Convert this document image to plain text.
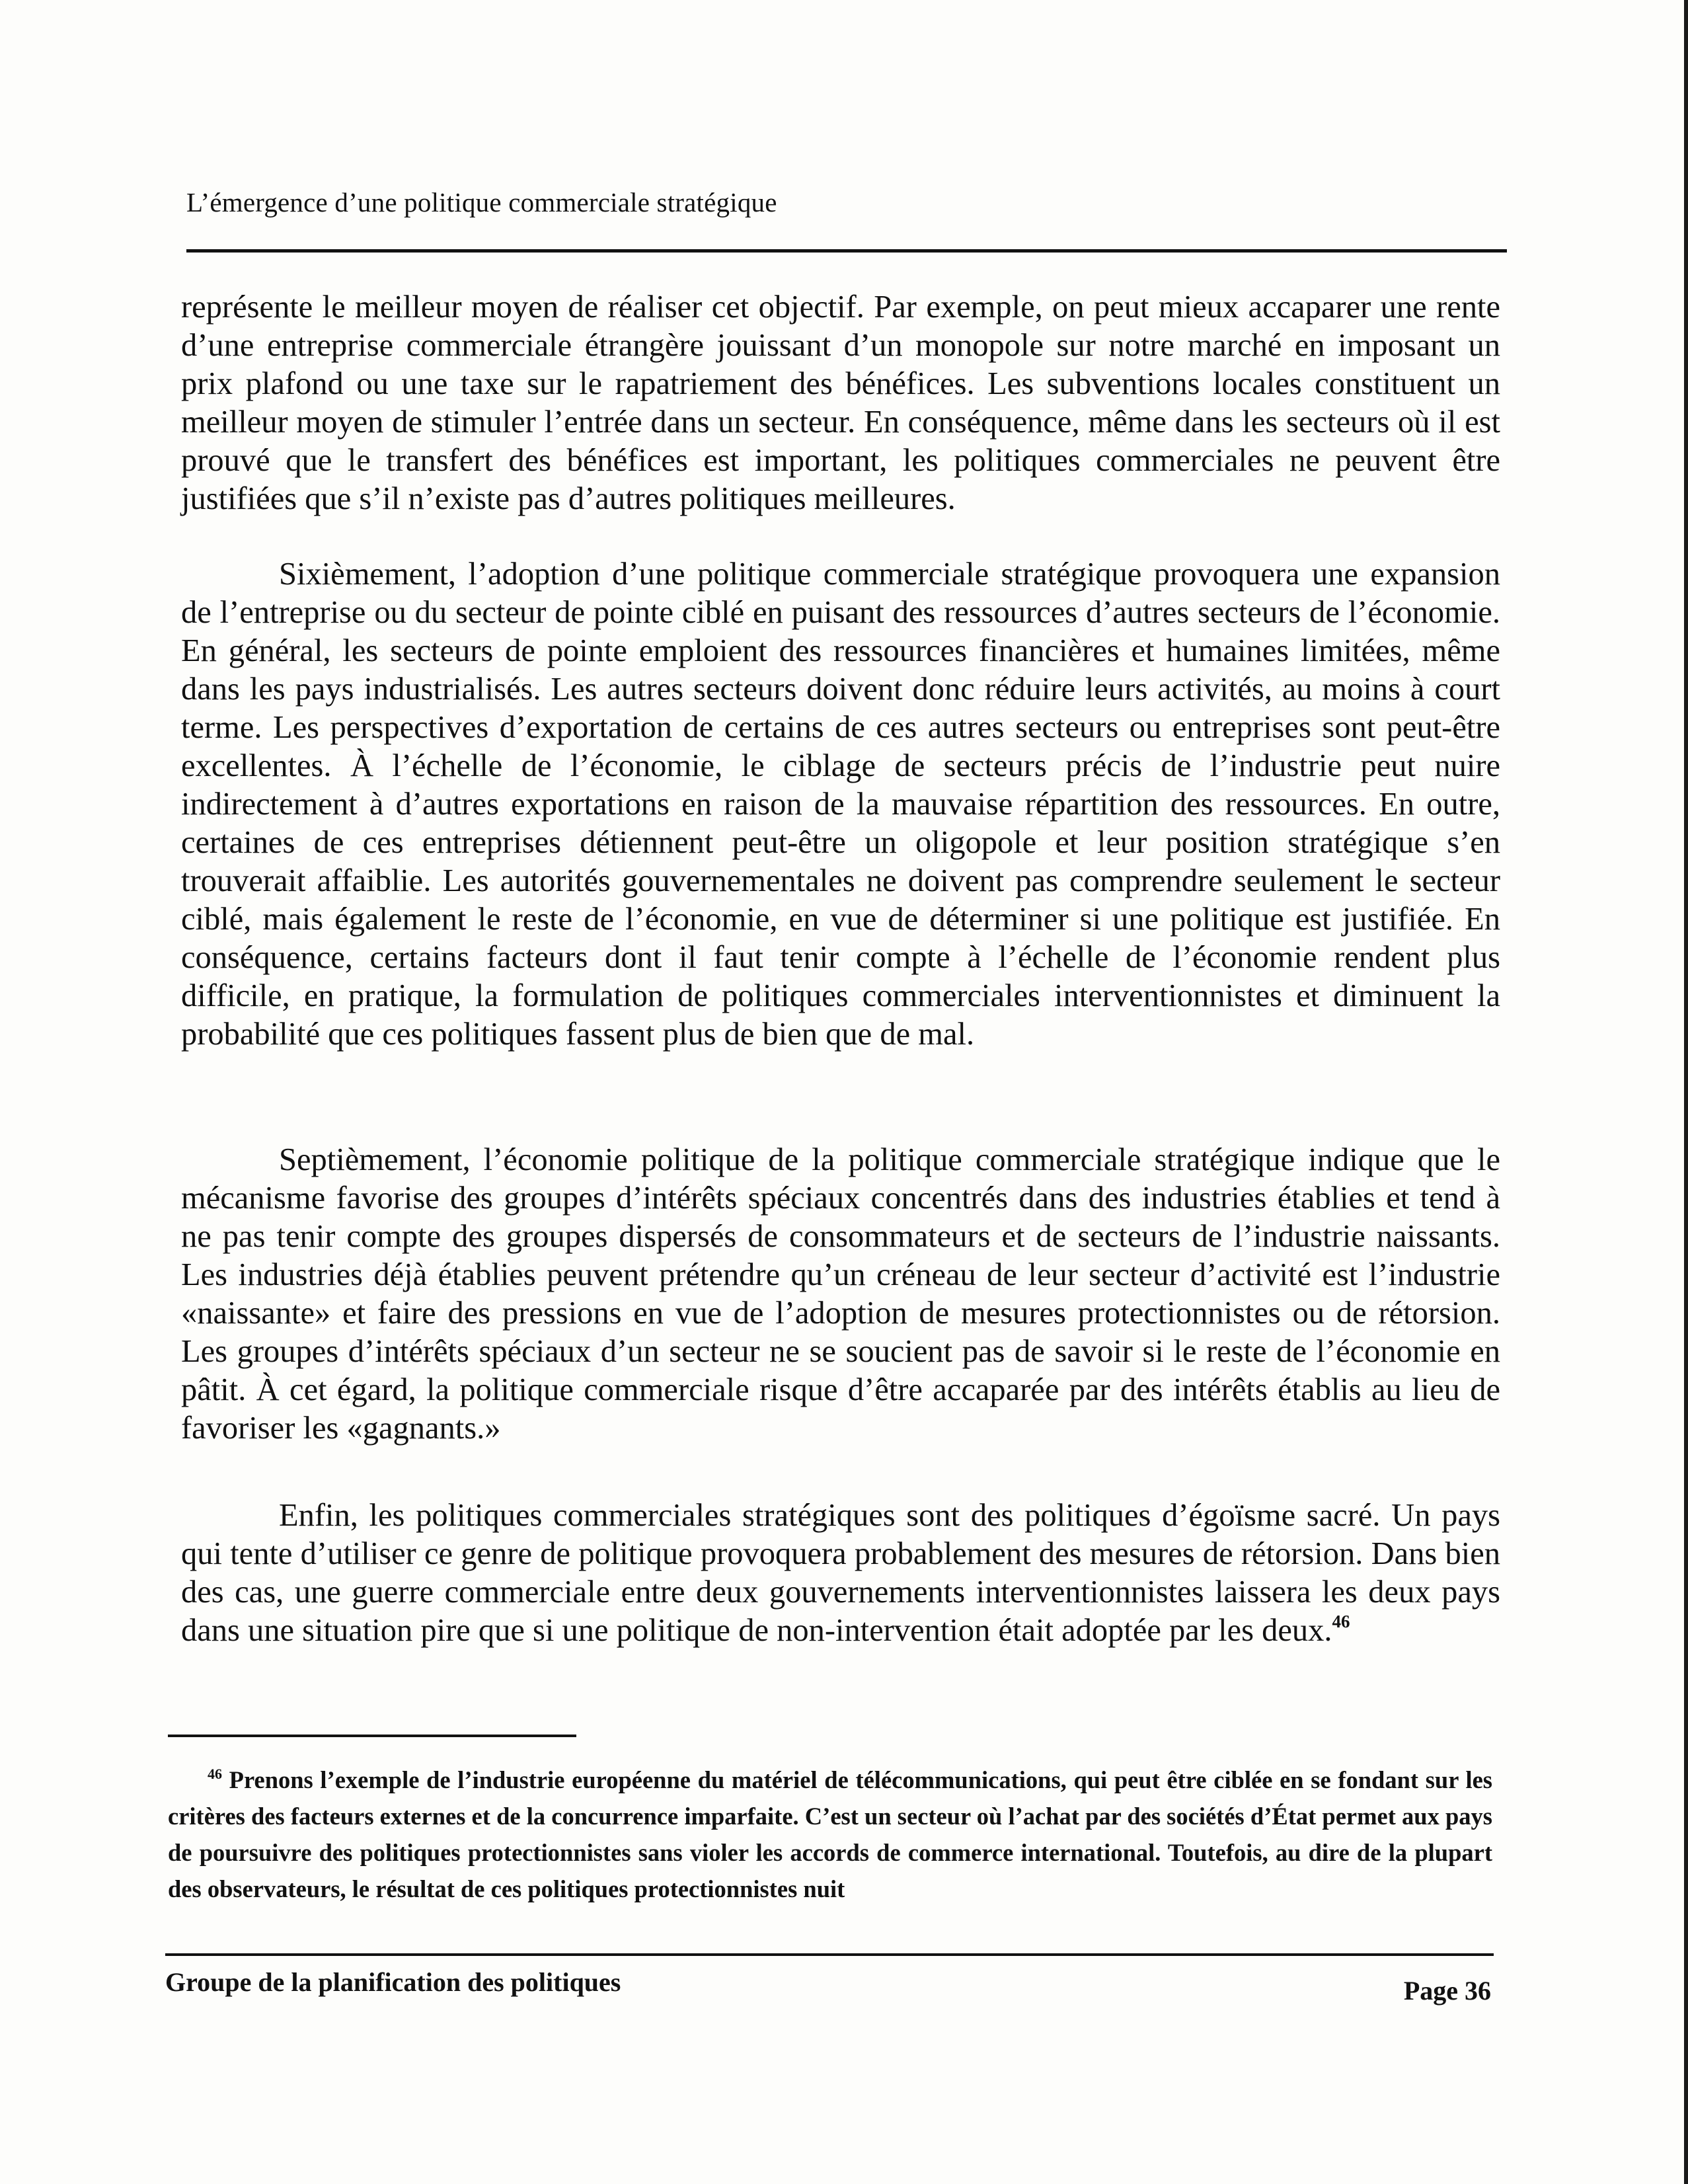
L’émergence d’une politique commerciale stratégique

représente le meilleur moyen de réaliser cet objectif. Par exemple, on peut mieux accaparer une rente d’une entreprise commerciale étrangère jouissant d’un monopole sur notre marché en imposant un prix plafond ou une taxe sur le rapatriement des bénéfices. Les subventions locales constituent un meilleur moyen de stimuler l’entrée dans un secteur. En conséquence, même dans les secteurs où il est prouvé que le transfert des bénéfices est important, les politiques commerciales ne peuvent être justifiées que s’il n’existe pas d’autres politiques meilleures.

Sixièmement, l’adoption d’une politique commerciale stratégique provoquera une expansion de l’entreprise ou du secteur de pointe ciblé en puisant des ressources d’autres secteurs de l’économie. En général, les secteurs de pointe emploient des ressources financières et humaines limitées, même dans les pays industrialisés. Les autres secteurs doivent donc réduire leurs activités, au moins à court terme. Les perspectives d’exportation de certains de ces autres secteurs ou entreprises sont peut-être excellentes. À l’échelle de l’économie, le ciblage de secteurs précis de l’industrie peut nuire indirectement à d’autres exportations en raison de la mauvaise répartition des ressources. En outre, certaines de ces entreprises détiennent peut-être un oligopole et leur position stratégique s’en trouverait affaiblie. Les autorités gouvernementales ne doivent pas comprendre seulement le secteur ciblé, mais également le reste de l’économie, en vue de déterminer si une politique est justifiée. En conséquence, certains facteurs dont il faut tenir compte à l’échelle de l’économie rendent plus difficile, en pratique, la formulation de politiques commerciales interventionnistes et diminuent la probabilité que ces politiques fassent plus de bien que de mal.

Septièmement, l’économie politique de la politique commerciale stratégique indique que le mécanisme favorise des groupes d’intérêts spéciaux concentrés dans des industries établies et tend à ne pas tenir compte des groupes dispersés de consommateurs et de secteurs de l’industrie naissants. Les industries déjà établies peuvent prétendre qu’un créneau de leur secteur d’activité est l’industrie «naissante» et faire des pressions en vue de l’adoption de mesures protectionnistes ou de rétorsion. Les groupes d’intérêts spéciaux d’un secteur ne se soucient pas de savoir si le reste de l’économie en pâtit. À cet égard, la politique commerciale risque d’être accaparée par des intérêts établis au lieu de favoriser les «gagnants.»

Enfin, les politiques commerciales stratégiques sont des politiques d’égoïsme sacré. Un pays qui tente d’utiliser ce genre de politique provoquera probablement des mesures de rétorsion. Dans bien des cas, une guerre commerciale entre deux gouvernements interventionnistes laissera les deux pays dans une situation pire que si une politique de non-intervention était adoptée par les deux.$^{46}$

$^{46}$ Prenons l’exemple de l’industrie européenne du matériel de télécommunications, qui peut être ciblée en se fondant sur les critères des facteurs externes et de la concurrence imparfaite. C’est un secteur où l’achat par des sociétés d’État permet aux pays de poursuivre des politiques protectionnistes sans violer les accords de commerce international. Toutefois, au dire de la plupart des observateurs, le résultat de ces politiques protectionnistes nuit

Groupe de la planification des politiques	Page 36
